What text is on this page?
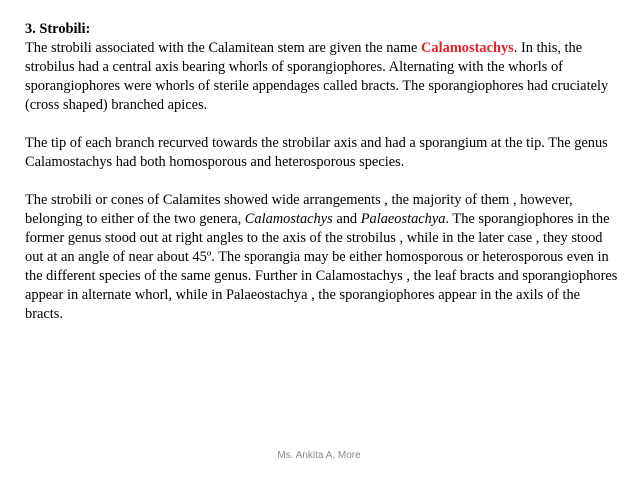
3. Strobili:

The strobili associated with the Calamitean stem are given the name Calamostachys. In this, the strobilus had a central axis bearing whorls of sporangiophores. Alternating with the whorls of sporangiophores were whorls of sterile appendages called bracts. The sporangiophores had cruciately (cross shaped) branched apices.

The tip of each branch recurved towards the strobilar axis and had a sporangium at the tip. The genus Calamostachys had both homosporous and heterosporous species.

The strobili or cones of Calamites showed wide arrangements , the majority of them , however, belonging to either of the two genera, Calamostachys and Palaeostachya. The sporangiophores in the former genus stood out at right angles to the axis of the strobilus , while in the later case , they stood out at an angle of near about 45º. The sporangia may be either homosporous or heterosporous even in the different species of the same genus. Further in Calamostachys , the leaf bracts and sporangiophores appear in alternate whorl, while in Palaeostachya , the sporangiophores appear in the axils of the bracts.

Ms. Ankita A. More
